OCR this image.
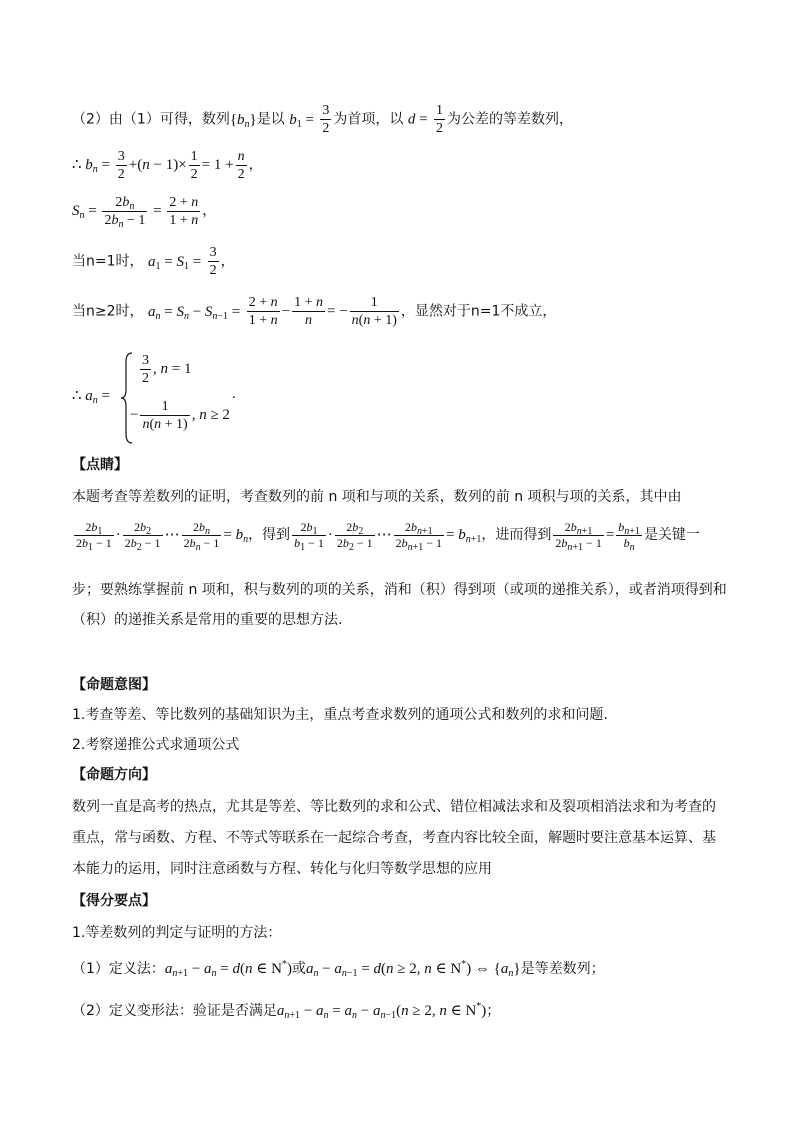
（2）由（1）可得，数列$\{b_n\}$是以 $b_1 = \frac{3}{2}$ 为首项，以 $d = \frac{1}{2}$ 为公差的等差数列，
∴ $b_n = \frac{3}{2} +(n - 1)\times \frac{1}{2} = 1 + \frac{n}{2}$ ，
$S_n = \frac{2b_n}{2b_n - 1} = \frac{2 + n}{1 + n}$ ，
当n=1时， $a_1 = S_1 = \frac{3}{2}$ ，
当n≥2时， $a_n = S_n - S_{n-1} = \frac{2 + n}{1 + n} - \frac{1 + n}{n}$ = − $\frac{1}{n(n + 1)}$ ，显然对于n=1不成立，
∴ $a_n$ =
$\frac{3}{2}$ , n = 1
− $\frac{1}{n(n + 1)}$ , n ≥ 2
.
【点睛】
本题考查等差数列的证明，考查数列的前 n 项和与项的关系，数列的前 n 项积与项的关系，其中由
$\frac{2b_1}{2b_1 - 1} \cdot \frac{2b_2}{2b_2 - 1}$ ⋯ $\frac{2b_n}{2b_n - 1} = b_n$，得到 $\frac{2b_1}{b_1 - 1} \cdot \frac{2b_2}{2b_2 - 1}$ ⋯ $\frac{2b_{n+1}}{2b_{n+1} - 1} = b_{n+1}$，进而得到 $\frac{2b_{n+1}}{2b_{n+1} - 1} = \frac{b_{n+1}}{b_n}$ 是关键一
步；要熟练掌握前 n 项和，积与数列的项的关系，消和（积）得到项（或项的递推关系），或者消项得到和
（积）的递推关系是常用的重要的思想方法.
【命题意图】
1.考查等差、等比数列的基础知识为主，重点考查求数列的通项公式和数列的求和问题.
2.考察递推公式求通项公式
【命题方向】
数列一直是高考的热点，尤其是等差、等比数列的求和公式、错位相减法求和及裂项相消法求和为考查的
重点，常与函数、方程、不等式等联系在一起综合考查，考查内容比较全面，解题时要注意基本运算、基
本能力的运用，同时注意函数与方程、转化与化归等数学思想的应用
【得分要点】
1.等差数列的判定与证明的方法：
（1）定义法：$a_{n+1} - a_n = d(n$ ∈ N*)或$a_n - a_{n-1} = d(n \ge 2$, n ∈ N*) ⇔ $\{a_n\}$是等差数列；
（2）定义变形法：验证是否满足$a_{n+1} - a_n = a_n - a_{n-1}(n \ge 2$, n ∈ N*)；
